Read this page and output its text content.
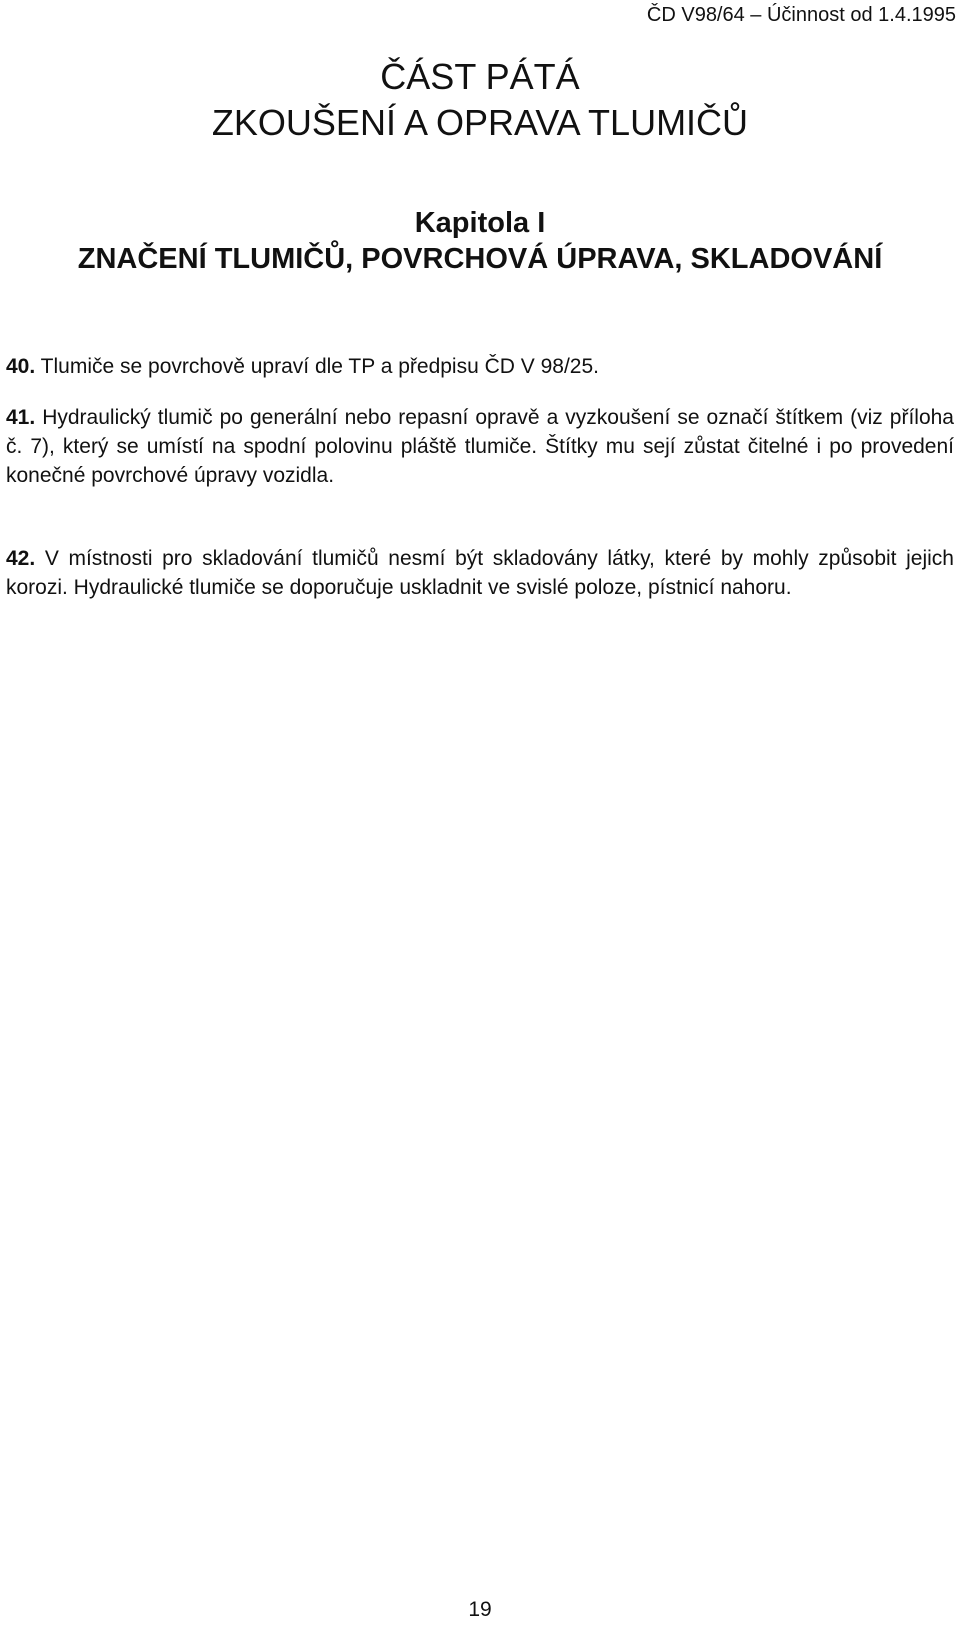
ČD V98/64 – Účinnost od 1.4.1995
ČÁST PÁTÁ
ZKOUŠENÍ A OPRAVA TLUMIČŮ
Kapitola I
ZNAČENÍ TLUMIČŮ, POVRCHOVÁ ÚPRAVA, SKLADOVÁNÍ

40. Tlumiče se povrchově upraví dle TP a předpisu ČD V 98/25.

41. Hydraulický tlumič po generální nebo repasní opravě a vyzkoušení se označí štítkem (viz příloha č. 7), který se umístí na spodní polovinu pláště tlumiče. Štítky mu sejí zůstat čitelné i po provedení konečné povrchové úpravy vozidla.

42. V místnosti pro skladování tlumičů nesmí být skladovány látky, které by mohly způsobit jejich korozi. Hydraulické tlumiče se doporučuje uskladnit ve svislé poloze, pístnicí nahoru.

19
